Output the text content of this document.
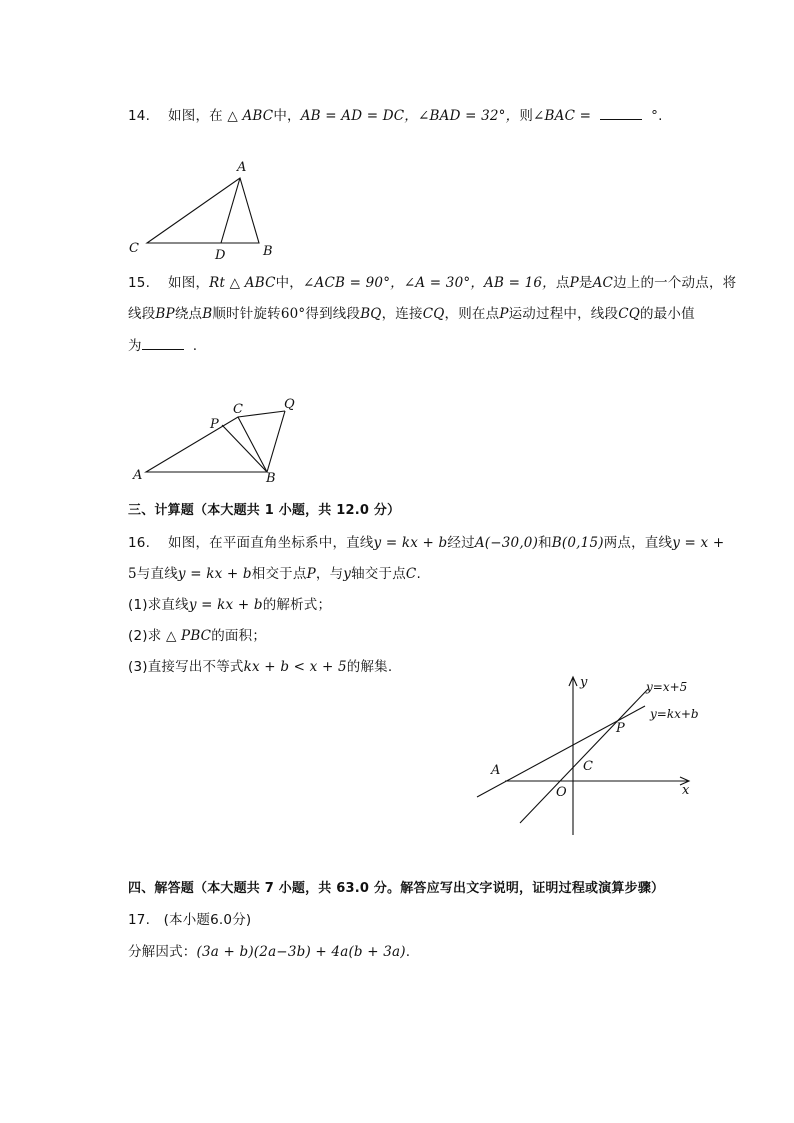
14. 如图，在 △ ABC中，AB = AD = DC，∠BAD = 32°，则∠BAC =	°.
A
B
C	D
15. 如图，Rt △ ABC中，∠ACB = 90°，∠A = 30°，AB = 16，点P是AC边上的一个动点，将
线段BP绕点B顺时针旋转60°得到线段BQ，连接CQ，则在点P运动过程中，线段CQ的最小值
为	.
A	B
C
P
Q
三、计算题（本大题共 1 小题，共 12.0 分）
16. 如图，在平面直角坐标系中，直线y = kx + b经过A(−30,0)和B(0,15)两点，直线y = x +
5与直线y = kx + b相交于点P，与y轴交于点C.
(1)求直线y = kx + b的解析式；
(2)求 △ PBC的面积；
(3)直接写出不等式kx + b < x + 5的解集.
y
x
O
A	C
P
y=x+5
y=kx+b
四、解答题（本大题共 7 小题，共 63.0 分。解答应写出文字说明，证明过程或演算步骤）
17. (本小题6.0分)
分解因式：(3a + b)(2a−3b) + 4a(b + 3a).
